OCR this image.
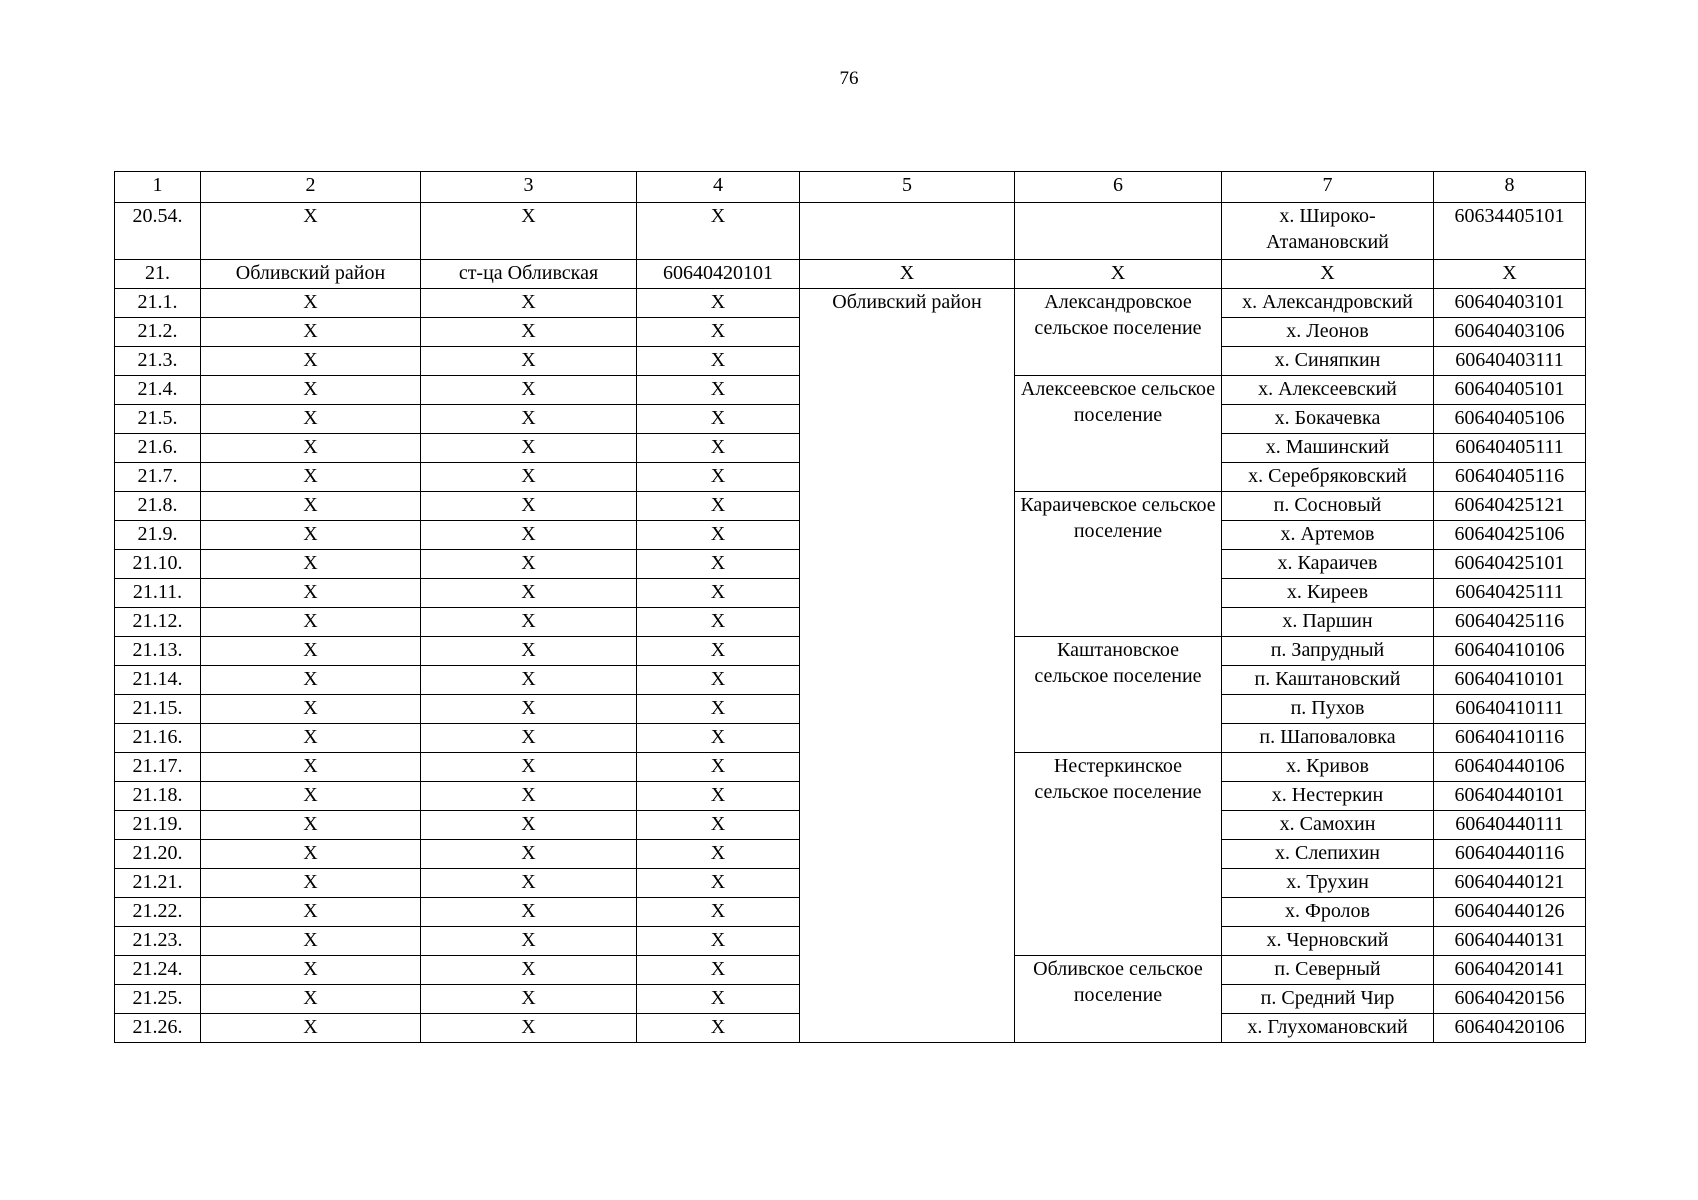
76
1	2	3	4	5	6	7	8
20.54.	Х	Х	Х			х. Широко-Атамановский	60634405101
21.	Обливский район	ст-ца Обливская	60640420101	Х	Х	Х	Х
21.1.	Х	Х	Х	Обливский район	Александровское сельское поселение	х. Александровский	60640403101
21.2.	Х	Х	Х			х. Леонов	60640403106
21.3.	Х	Х	Х			х. Синяпкин	60640403111
21.4.	Х	Х	Х		Алексеевское сельское поселение	х. Алексеевский	60640405101
21.5.	Х	Х	Х			х. Бокачевка	60640405106
21.6.	Х	Х	Х			х. Машинский	60640405111
21.7.	Х	Х	Х			х. Серебряковский	60640405116
21.8.	Х	Х	Х		Караичевское сельское поселение	п. Сосновый	60640425121
21.9.	Х	Х	Х			х. Артемов	60640425106
21.10.	Х	Х	Х			х. Караичев	60640425101
21.11.	Х	Х	Х			х. Киреев	60640425111
21.12.	Х	Х	Х			х. Паршин	60640425116
21.13.	Х	Х	Х		Каштановское сельское поселение	п. Запрудный	60640410106
21.14.	Х	Х	Х			п. Каштановский	60640410101
21.15.	Х	Х	Х			п. Пухов	60640410111
21.16.	Х	Х	Х			п. Шаповаловка	60640410116
21.17.	Х	Х	Х		Нестеркинское сельское поселение	х. Кривов	60640440106
21.18.	Х	Х	Х			х. Нестеркин	60640440101
21.19.	Х	Х	Х			х. Самохин	60640440111
21.20.	Х	Х	Х			х. Слепихин	60640440116
21.21.	Х	Х	Х			х. Трухин	60640440121
21.22.	Х	Х	Х			х. Фролов	60640440126
21.23.	Х	Х	Х			х. Черновский	60640440131
21.24.	Х	Х	Х		Обливское сельское поселение	п. Северный	60640420141
21.25.	Х	Х	Х			п. Средний Чир	60640420156
21.26.	Х	Х	Х			х. Глухомановский	60640420106
